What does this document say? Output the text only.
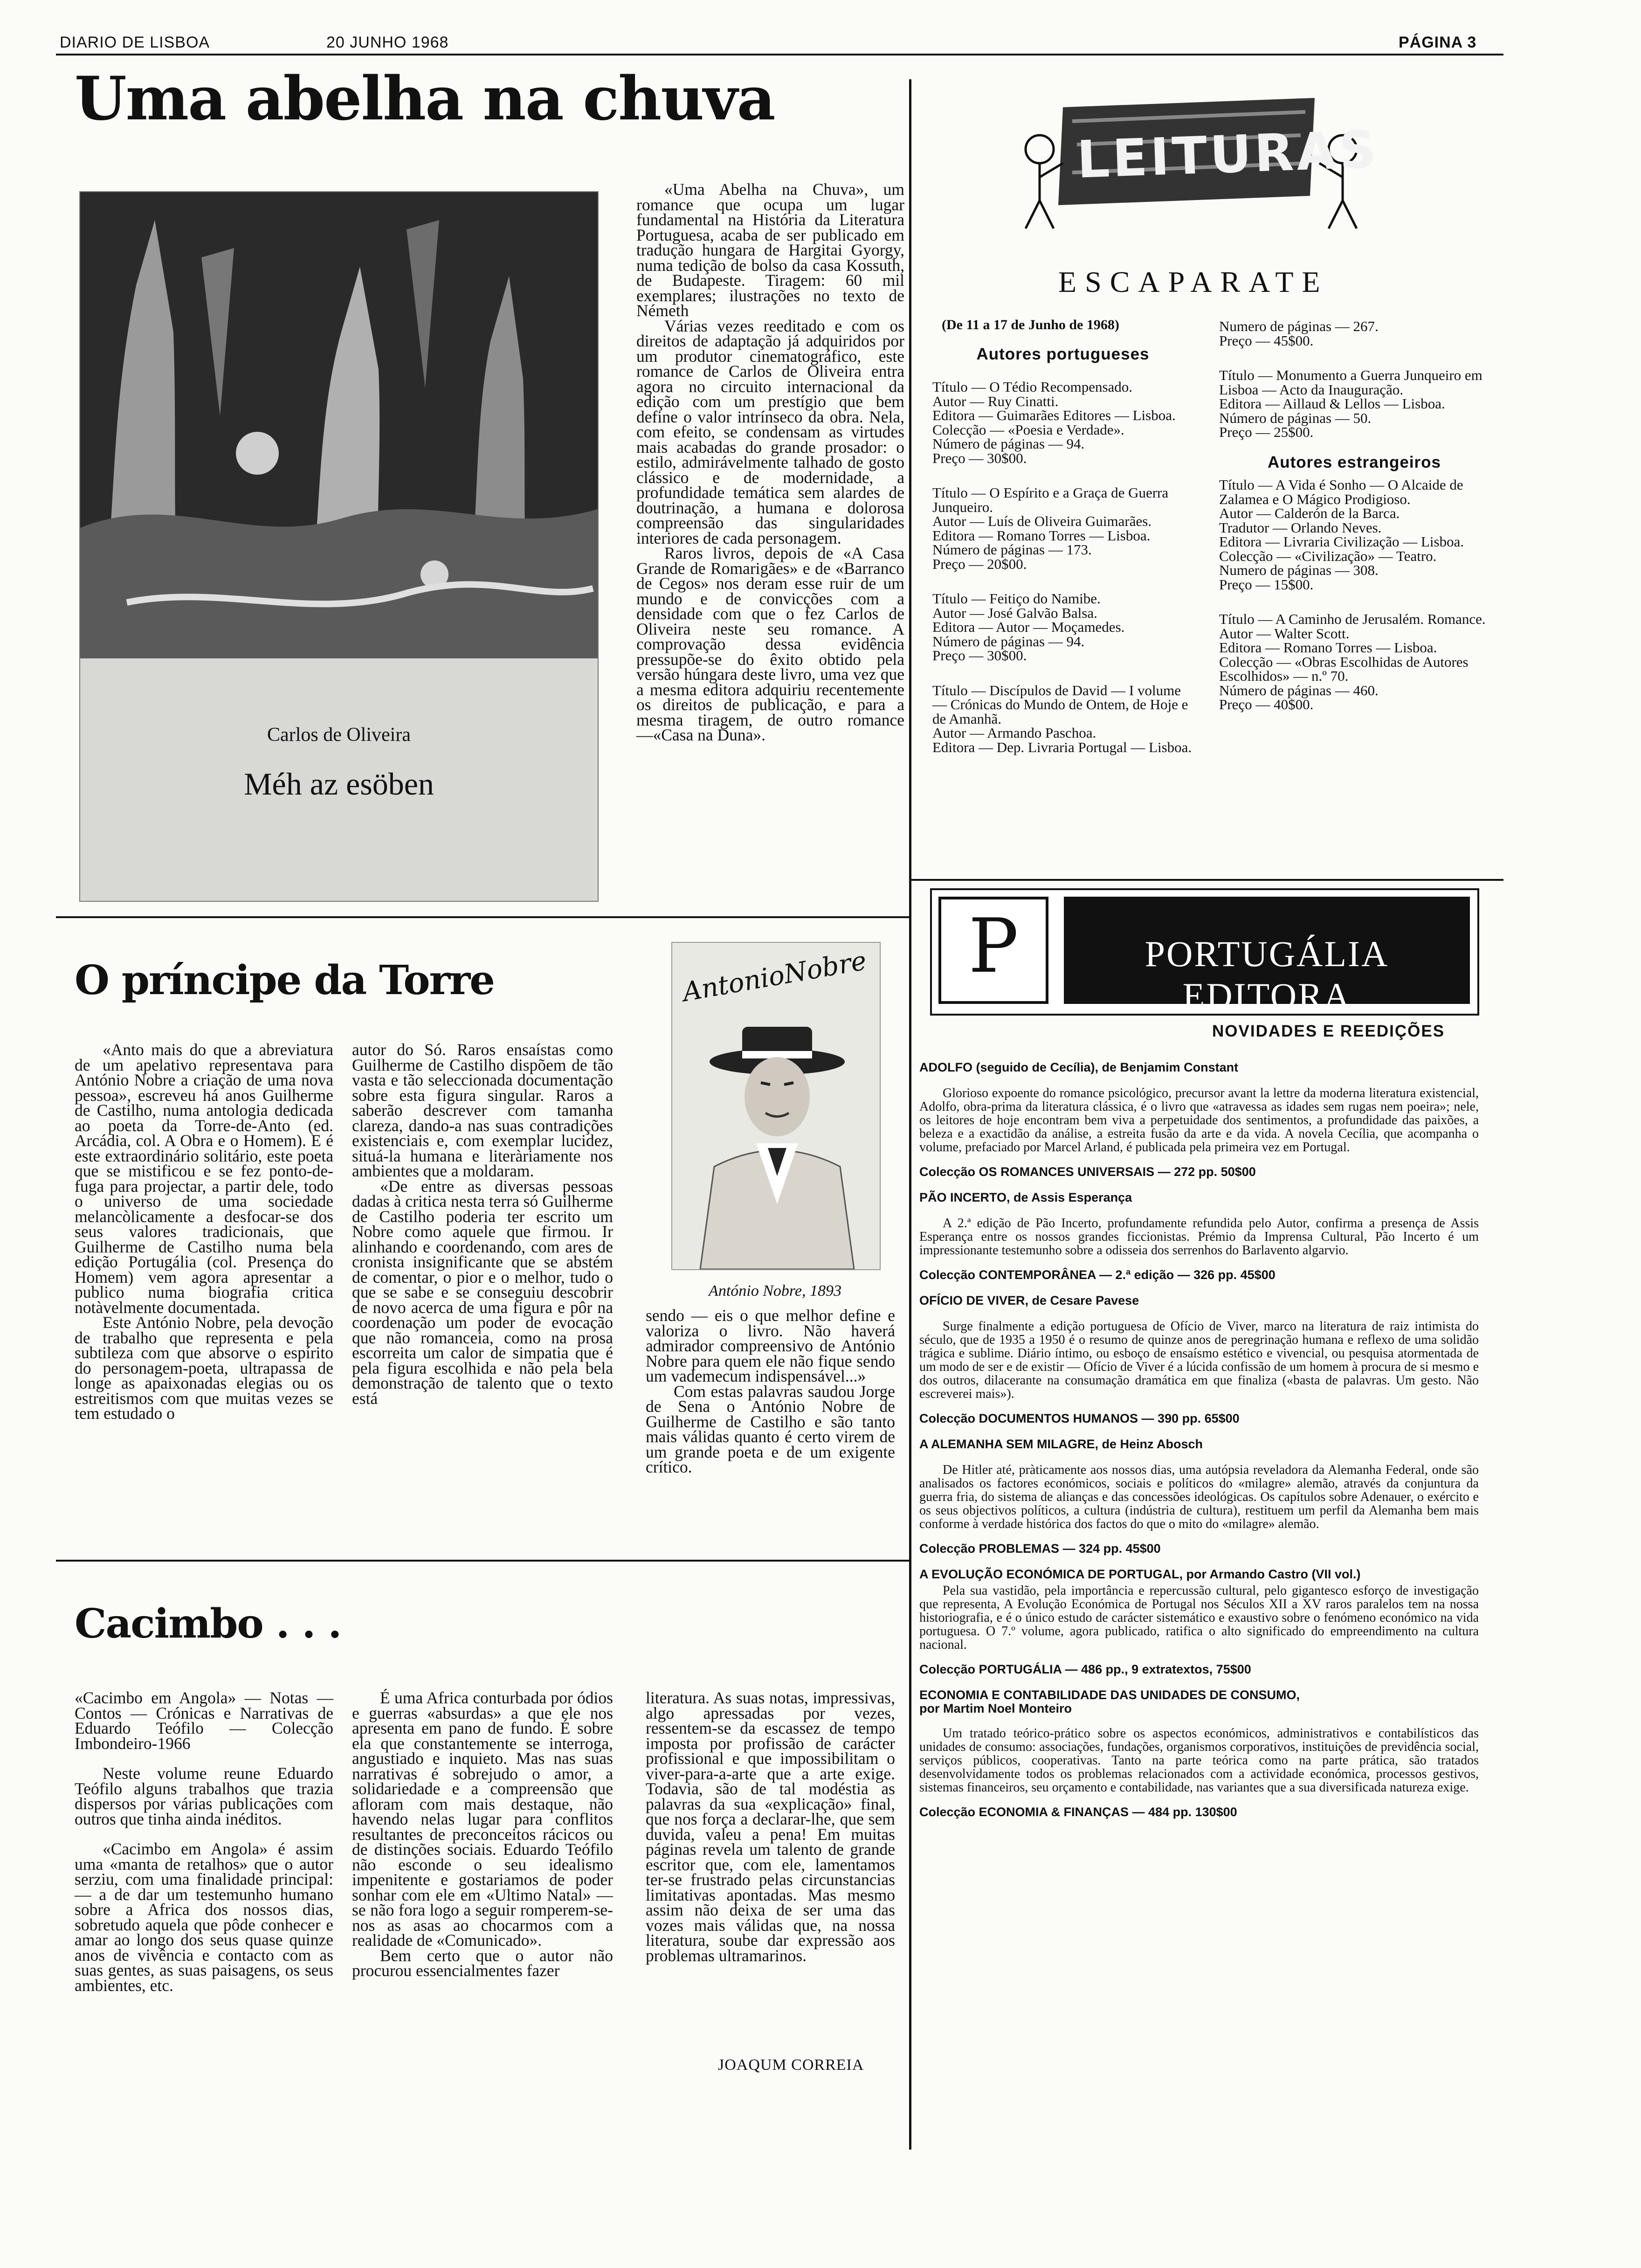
DIARIO DE LISBOA	20 JUNHO 1968	PÁGINA 3
Uma abelha na chuva
Carlos de Oliveira
Méh az esöben

«Uma Abelha na Chuva», um romance que ocupa um lugar fundamental na História da Literatura Portuguesa, acaba de ser publicado em tradução hungara de Hargitai Gyorgy, numa tedição de bolso da casa Kossuth, de Budapeste. Tiragem: 60 mil exemplares; ilustrações no texto de Németh

Várias vezes reeditado e com os direitos de adaptação já adquiridos por um produtor cinematográfico, este romance de Carlos de Oliveira entra agora no circuito internacional da edição com um prestígio que bem define o valor intrínseco da obra. Nela, com efeito, se condensam as virtudes mais acabadas do grande prosador: o estilo, admirávelmente talhado de gosto clássico e de modernidade, a profundidade temática sem alardes de doutrinação, a humana e dolorosa compreensão das singularidades interiores de cada personagem.

Raros livros, depois de «A Casa Grande de Romarigães» e de «Barranco de Cegos» nos deram esse ruir de um mundo e de convicções com a densidade com que o fez Carlos de Oliveira neste seu romance. A comprovação dessa evidência pressupõe-se do êxito obtido pela versão húngara deste livro, uma vez que a mesma editora adquiriu recentemente os direitos de publicação, e para a mesma tiragem, de outro romance—«Casa na Duna».

O príncipe da Torre	AntonioNobre
António Nobre, 1893

«Anto mais do que a abreviatura de um apelativo representava para António Nobre a criação de uma nova pessoa», escreveu há anos Guilherme de Castilho, numa antologia dedicada ao poeta da Torre-de-Anto (ed. Arcádia, col. A Obra e o Homem). E é este extraordinário solitário, este poeta que se mistificou e se fez ponto-de-fuga para projectar, a partir dele, todo o universo de uma sociedade melancòlicamente a desfocar-se dos seus valores tradicionais, que Guilherme de Castilho numa bela edição Portugália (col. Presença do Homem) vem agora apresentar a publico numa biografia critica notàvelmente documentada.

Este António Nobre, pela devoção de trabalho que representa e pela subtileza com que absorve o espírito do personagem-poeta, ultrapassa de longe as apaixonadas elegias ou os estreitismos com que muitas vezes se tem estudado o

autor do Só. Raros ensaístas como Guilherme de Castilho dispõem de tão vasta e tão seleccionada documentação sobre esta figura singular. Raros a saberão descrever com tamanha clareza, dando-a nas suas contradições existenciais e, com exemplar lucidez, situá-la humana e literàriamente nos ambientes que a moldaram.

«De entre as diversas pessoas dadas à critica nesta terra só Guilherme de Castilho poderia ter escrito um Nobre como aquele que firmou. Ir alinhando e coordenando, com ares de cronista insignificante que se abstém de comentar, o pior e o melhor, tudo o que se sabe e se conseguiu descobrir de novo acerca de uma figura e pôr na coordenação um poder de evocação que não romanceia, como na prosa escorreita um calor de simpatia que é pela figura escolhida e não pela bela demonstração de talento que o texto está

sendo — eis o que melhor define e valoriza o livro. Não haverá admirador compreensivo de António Nobre para quem ele não fique sendo um vademecum indispensável...»

Com estas palavras saudou Jorge de Sena o António Nobre de Guilherme de Castilho e são tanto mais válidas quanto é certo virem de um grande poeta e de um exigente crítico.

Cacimbo . . .

«Cacimbo em Angola» — Notas — Contos — Crónicas e Narrativas de Eduardo Teófilo — Colecção Imbondeiro-1966

Neste volume reune Eduardo Teófilo alguns trabalhos que trazia dispersos por várias publicações com outros que tinha ainda inéditos.

«Cacimbo em Angola» é assim uma «manta de retalhos» que o autor serziu, com uma finalidade principal: — a de dar um testemunho humano sobre a Africa dos nossos dias, sobretudo aquela que pôde conhecer e amar ao longo dos seus quase quinze anos de vivência e contacto com as suas gentes, as suas paisagens, os seus ambientes, etc.

É uma Africa conturbada por ódios e guerras «absurdas» a que ele nos apresenta em pano de fundo. É sobre ela que constantemente se interroga, angustiado e inquieto. Mas nas suas narrativas é sobrejudo o amor, a solidariedade e a compreensão que afloram com mais destaque, não havendo nelas lugar para conflitos resultantes de preconceitos rácicos ou de distinções sociais. Eduardo Teófilo não esconde o seu idealismo impenitente e gostariamos de poder sonhar com ele em «Ultimo Natal» — se não fora logo a seguir romperem-se-nos as asas ao chocarmos com a realidade de «Comunicado».

Bem certo que o autor não procurou essencialmentes fazer

literatura. As suas notas, impressivas, algo apressadas por vezes, ressentem-se da escassez de tempo imposta por profissão de carácter profissional e que impossibilitam o viver-para-a-arte que a arte exige. Todavia, são de tal modéstia as palavras da sua «explicação» final, que nos força a declarar-lhe, que sem duvida, valeu a pena! Em muitas páginas revela um talento de grande escritor que, com ele, lamentamos ter-se frustrado pelas circunstancias limitativas apontadas. Mas mesmo assim não deixa de ser uma das vozes mais válidas que, na nossa literatura, soube dar expressão aos problemas ultramarinos.

JOAQUM CORREIA
LEITURAS
ESCAPARATE
(De 11 a 17 de Junho de 1968)
Autores portugueses
Título — O Tédio Recompensado.
Autor — Ruy Cinatti.
Editora — Guimarães Editores — Lisboa.
Colecção — «Poesia e Verdade».
Número de páginas — 94.
Preço — 30$00.
Título — O Espírito e a Graça de Guerra Junqueiro.
Autor — Luís de Oliveira Guimarães.
Editora — Romano Torres — Lisboa.
Número de páginas — 173.
Preço — 20$00.
Título — Feitiço do Namibe.
Autor — José Galvão Balsa.
Editora — Autor — Moçamedes.
Número de páginas — 94.
Preço — 30$00.
Título — Discípulos de David — I volume — Crónicas do Mundo de Ontem, de Hoje e de Amanhã.
Autor — Armando Paschoa.
Editora — Dep. Livraria Portugal — Lisboa.
Numero de páginas — 267.
Preço — 45$00.
Título — Monumento a Guerra Junqueiro em Lisboa — Acto da Inauguração.
Editora — Aillaud & Lellos — Lisboa.
Número de páginas — 50.
Preço — 25$00.
Autores estrangeiros
Título — A Vida é Sonho — O Alcaide de Zalamea e O Mágico Prodigioso.
Autor — Calderón de la Barca.
Tradutor — Orlando Neves.
Editora — Livraria Civilização — Lisboa.
Colecção — «Civilização» — Teatro.
Numero de páginas — 308.
Preço — 15$00.
Título — A Caminho de Jerusalém. Romance.
Autor — Walter Scott.
Editora — Romano Torres — Lisboa.
Colecção — «Obras Escolhidas de Autores Escolhidos» — n.º 70.
Número de páginas — 460.
Preço — 40$00.
P	PORTUGÁLIA EDITORA
NOVIDADES E REEDIÇÕES

ADOLFO (seguido de Cecília), de Benjamim Constant

Glorioso expoente do romance psicológico, precursor avant la lettre da moderna literatura existencial, Adolfo, obra-prima da literatura clássica, é o livro que «atravessa as idades sem rugas nem poeira»; nele, os leitores de hoje encontram bem viva a perpetuidade dos sentimentos, a profundidade das paixões, a beleza e a exactidão da análise, a estreita fusão da arte e da vida. A novela Cecília, que acompanha o volume, prefaciado por Marcel Arland, é publicada pela primeira vez em Portugal.

Colecção OS ROMANCES UNIVERSAIS — 272 pp. 50$00

PÃO INCERTO, de Assis Esperança

A 2.ª edição de Pão Incerto, profundamente refundida pelo Autor, confirma a presença de Assis Esperança entre os nossos grandes ficcionistas. Prémio da Imprensa Cultural, Pão Incerto é um impressionante testemunho sobre a odisseia dos serrenhos do Barlavento algarvio.

Colecção CONTEMPORÂNEA — 2.ª edição — 326 pp. 45$00

OFÍCIO DE VIVER, de Cesare Pavese

Surge finalmente a edição portuguesa de Ofício de Viver, marco na literatura de raiz intimista do século, que de 1935 a 1950 é o resumo de quinze anos de peregrinação humana e reflexo de uma solidão trágica e sublime. Diário íntimo, ou esboço de ensaísmo estético e vivencial, ou pesquisa atormentada de um modo de ser e de existir — Ofício de Viver é a lúcida confissão de um homem à procura de si mesmo e dos outros, dilacerante na consumação dramática em que finaliza («basta de palavras. Um gesto. Não escreverei mais»).

Colecção DOCUMENTOS HUMANOS — 390 pp. 65$00

A ALEMANHA SEM MILAGRE, de Heinz Abosch

De Hitler até, pràticamente aos nossos dias, uma autópsia reveladora da Alemanha Federal, onde são analisados os factores económicos, sociais e políticos do «milagre» alemão, através da conjuntura da guerra fria, do sistema de alianças e das concessões ideológicas. Os capítulos sobre Adenauer, o exército e os seus objectivos políticos, a cultura (indústria de cultura), restituem um perfil da Alemanha bem mais conforme à verdade histórica dos factos do que o mito do «milagre» alemão.

Colecção PROBLEMAS — 324 pp. 45$00

A EVOLUÇÃO ECONÓMICA DE PORTUGAL, por Armando Castro (VII vol.)

Pela sua vastidão, pela importância e repercussão cultural, pelo gigantesco esforço de investigação que representa, A Evolução Económica de Portugal nos Séculos XII a XV raros paralelos tem na nossa historiografia, e é o único estudo de carácter sistemático e exaustivo sobre o fenómeno económico na vida portuguesa. O 7.º volume, agora publicado, ratifica o alto significado do empreendimento na cultura nacional.

Colecção PORTUGÁLIA — 486 pp., 9 extratextos, 75$00

ECONOMIA E CONTABILIDADE DAS UNIDADES DE CONSUMO,
por Martim Noel Monteiro

Um tratado teórico-prático sobre os aspectos económicos, administrativos e contabilísticos das unidades de consumo: associações, fundações, organismos corporativos, instituições de previdência social, serviços públicos, cooperativas. Tanto na parte teórica como na parte prática, são tratados desenvolvidamente todos os problemas relacionados com a actividade económica, processos gestivos, sistemas financeiros, seu orçamento e contabilidade, nas variantes que a sua diversificada natureza exige.

Colecção ECONOMIA & FINANÇAS — 484 pp. 130$00
